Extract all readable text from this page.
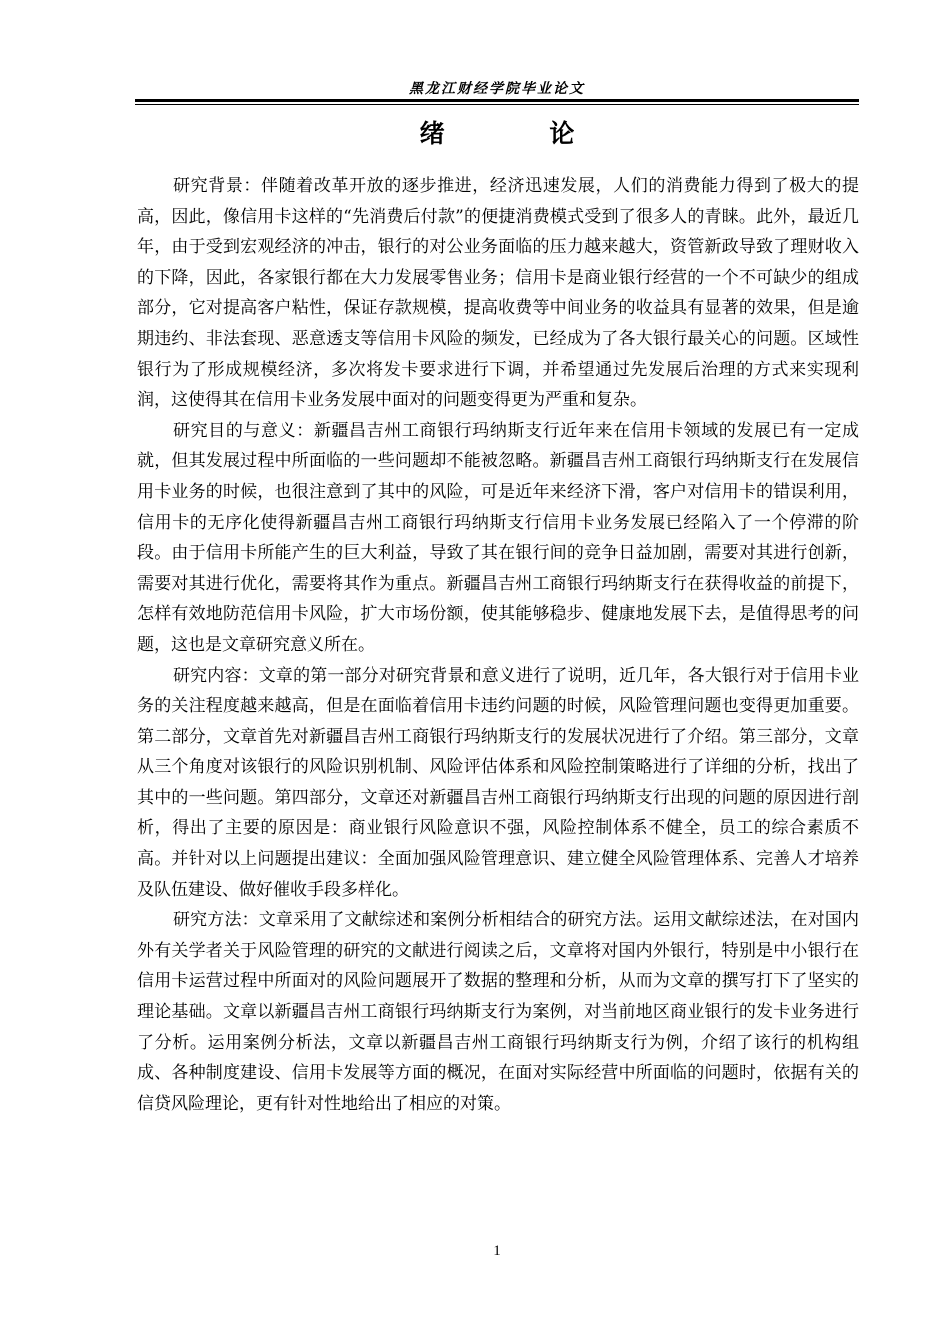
黑龙江财经学院毕业论文
绪 论

研究背景：伴随着改革开放的逐步推进，经济迅速发展，人们的消费能力得到了极大的提高，因此，像信用卡这样的“先消费后付款”的便捷消费模式受到了很多人的青睐。此外，最近几年，由于受到宏观经济的冲击，银行的对公业务面临的压力越来越大，资管新政导致了理财收入的下降，因此，各家银行都在大力发展零售业务；信用卡是商业银行经营的一个不可缺少的组成部分，它对提高客户粘性，保证存款规模，提高收费等中间业务的收益具有显著的效果，但是逾期违约、非法套现、恶意透支等信用卡风险的频发，已经成为了各大银行最关心的问题。区域性银行为了形成规模经济，多次将发卡要求进行下调，并希望通过先发展后治理的方式来实现利润，这使得其在信用卡业务发展中面对的问题变得更为严重和复杂。

研究目的与意义：新疆昌吉州工商银行玛纳斯支行近年来在信用卡领域的发展已有一定成就，但其发展过程中所面临的一些问题却不能被忽略。新疆昌吉州工商银行玛纳斯支行在发展信用卡业务的时候，也很注意到了其中的风险，可是近年来经济下滑，客户对信用卡的错误利用，信用卡的无序化使得新疆昌吉州工商银行玛纳斯支行信用卡业务发展已经陷入了一个停滞的阶段。由于信用卡所能产生的巨大利益，导致了其在银行间的竞争日益加剧，需要对其进行创新，需要对其进行优化，需要将其作为重点。新疆昌吉州工商银行玛纳斯支行在获得收益的前提下，怎样有效地防范信用卡风险，扩大市场份额，使其能够稳步、健康地发展下去，是值得思考的问题，这也是文章研究意义所在。

研究内容：文章的第一部分对研究背景和意义进行了说明，近几年，各大银行对于信用卡业务的关注程度越来越高，但是在面临着信用卡违约问题的时候，风险管理问题也变得更加重要。第二部分，文章首先对新疆昌吉州工商银行玛纳斯支行的发展状况进行了介绍。第三部分，文章从三个角度对该银行的风险识别机制、风险评估体系和风险控制策略进行了详细的分析，找出了其中的一些问题。第四部分，文章还对新疆昌吉州工商银行玛纳斯支行出现的问题的原因进行剖析，得出了主要的原因是：商业银行风险意识不强，风险控制体系不健全，员工的综合素质不高。并针对以上问题提出建议：全面加强风险管理意识、建立健全风险管理体系、完善人才培养及队伍建设、做好催收手段多样化。

研究方法：文章采用了文献综述和案例分析相结合的研究方法。运用文献综述法，在对国内外有关学者关于风险管理的研究的文献进行阅读之后，文章将对国内外银行，特别是中小银行在信用卡运营过程中所面对的风险问题展开了数据的整理和分析，从而为文章的撰写打下了坚实的理论基础。文章以新疆昌吉州工商银行玛纳斯支行为案例，对当前地区商业银行的发卡业务进行了分析。运用案例分析法，文章以新疆昌吉州工商银行玛纳斯支行为例，介绍了该行的机构组成、各种制度建设、信用卡发展等方面的概况，在面对实际经营中所面临的问题时，依据有关的信贷风险理论，更有针对性地给出了相应的对策。

1
